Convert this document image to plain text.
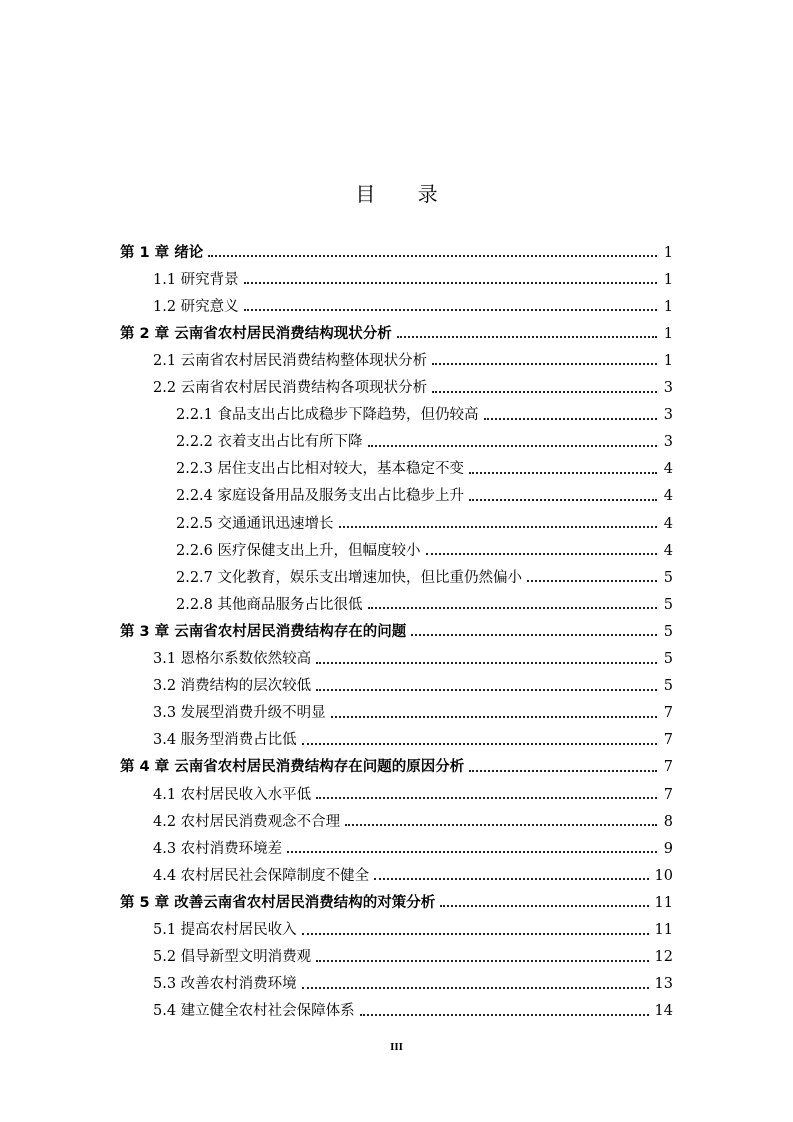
目 录
第 1 章 绪论	1
1.1 研究背景	1
1.2 研究意义	1
第 2 章 云南省农村居民消费结构现状分析	1
2.1 云南省农村居民消费结构整体现状分析	1
2.2 云南省农村居民消费结构各项现状分析	3
2.2.1 食品支出占比成稳步下降趋势，但仍较高	3
2.2.2 衣着支出占比有所下降	3
2.2.3 居住支出占比相对较大，基本稳定不变	4
2.2.4 家庭设备用品及服务支出占比稳步上升	4
2.2.5 交通通讯迅速增长	4
2.2.6 医疗保健支出上升，但幅度较小	4
2.2.7 文化教育，娱乐支出增速加快，但比重仍然偏小	5
2.2.8 其他商品服务占比很低	5
第 3 章 云南省农村居民消费结构存在的问题	5
3.1 恩格尔系数依然较高	5
3.2 消费结构的层次较低	5
3.3 发展型消费升级不明显	7
3.4 服务型消费占比低	7
第 4 章 云南省农村居民消费结构存在问题的原因分析	7
4.1 农村居民收入水平低	7
4.2 农村居民消费观念不合理	8
4.3 农村消费环境差	9
4.4 农村居民社会保障制度不健全	10
第 5 章 改善云南省农村居民消费结构的对策分析	11
5.1 提高农村居民收入	11
5.2 倡导新型文明消费观	12
5.3 改善农村消费环境	13
5.4 建立健全农村社会保障体系	14
III
